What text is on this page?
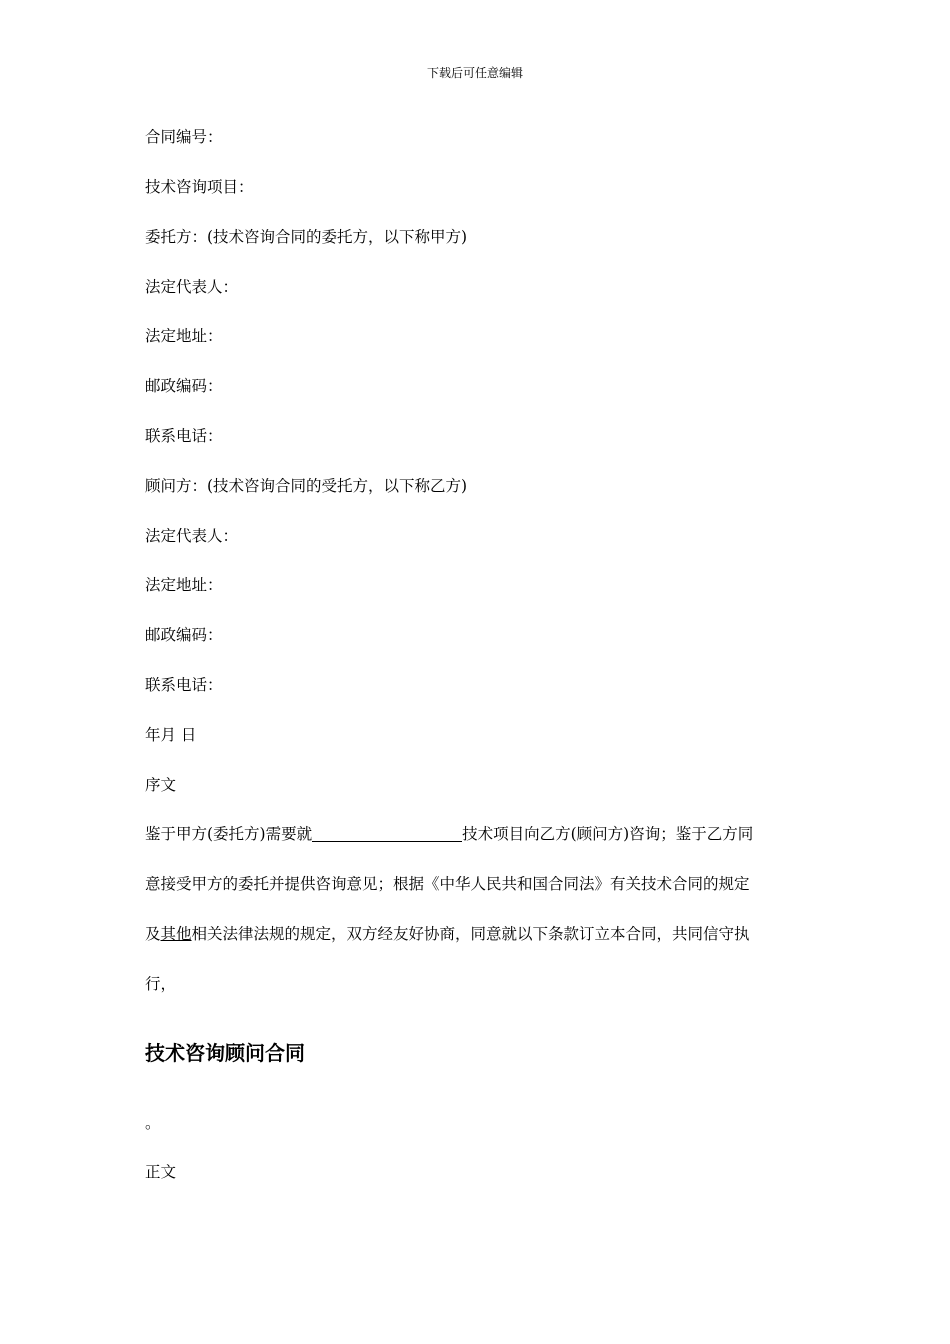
下载后可任意编辑
合同编号：
技术咨询项目：
委托方：(技术咨询合同的委托方，以下称甲方)
法定代表人：
法定地址：
邮政编码：
联系电话：
顾问方：(技术咨询合同的受托方，以下称乙方)
法定代表人：
法定地址：
邮政编码：
联系电话：
年月 日
序文
鉴于甲方(委托方)需要就	技术项目向乙方(顾问方)咨询；鉴于乙方同
意接受甲方的委托并提供咨询意见；根据《中华人民共和国合同法》有关技术合同的规定
及其他相关法律法规的规定，双方经友好协商，同意就以下条款订立本合同，共同信守执
行，
技术咨询顾问合同
。
正文
